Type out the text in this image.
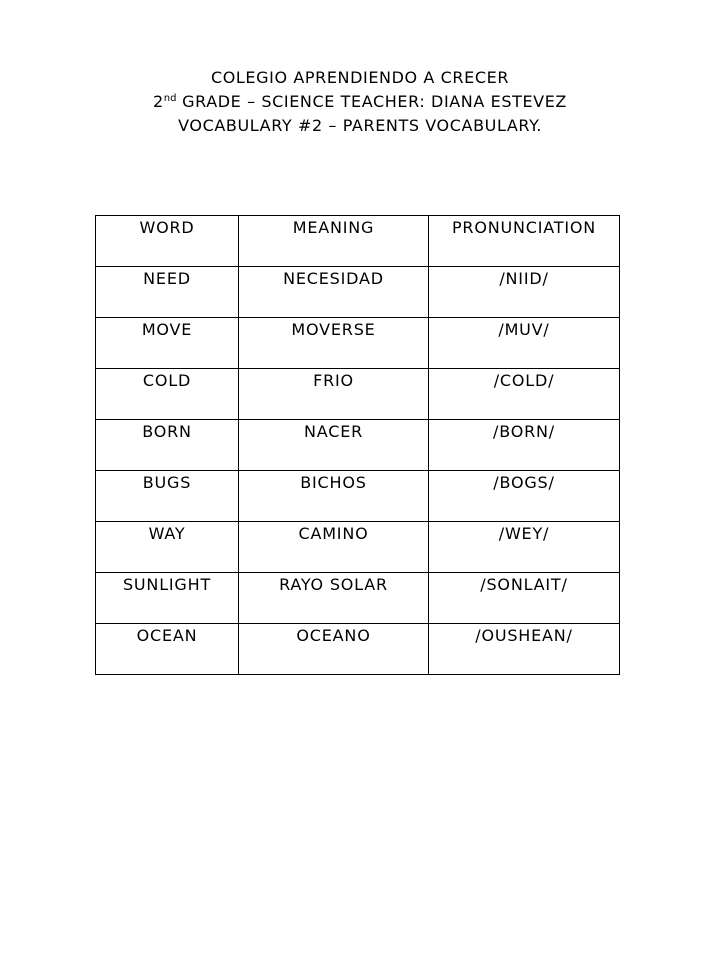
COLEGIO APRENDIENDO A CRECER
2nd GRADE – SCIENCE TEACHER: DIANA ESTEVEZ
VOCABULARY #2 – PARENTS VOCABULARY.
WORD	MEANING	PRONUNCIATION
NEED	NECESIDAD	/NIID/
MOVE	MOVERSE	/MUV/
COLD	FRIO	/COLD/
BORN	NACER	/BORN/
BUGS	BICHOS	/BOGS/
WAY	CAMINO	/WEY/
SUNLIGHT	RAYO SOLAR	/SONLAIT/
OCEAN	OCEANO	/OUSHEAN/
